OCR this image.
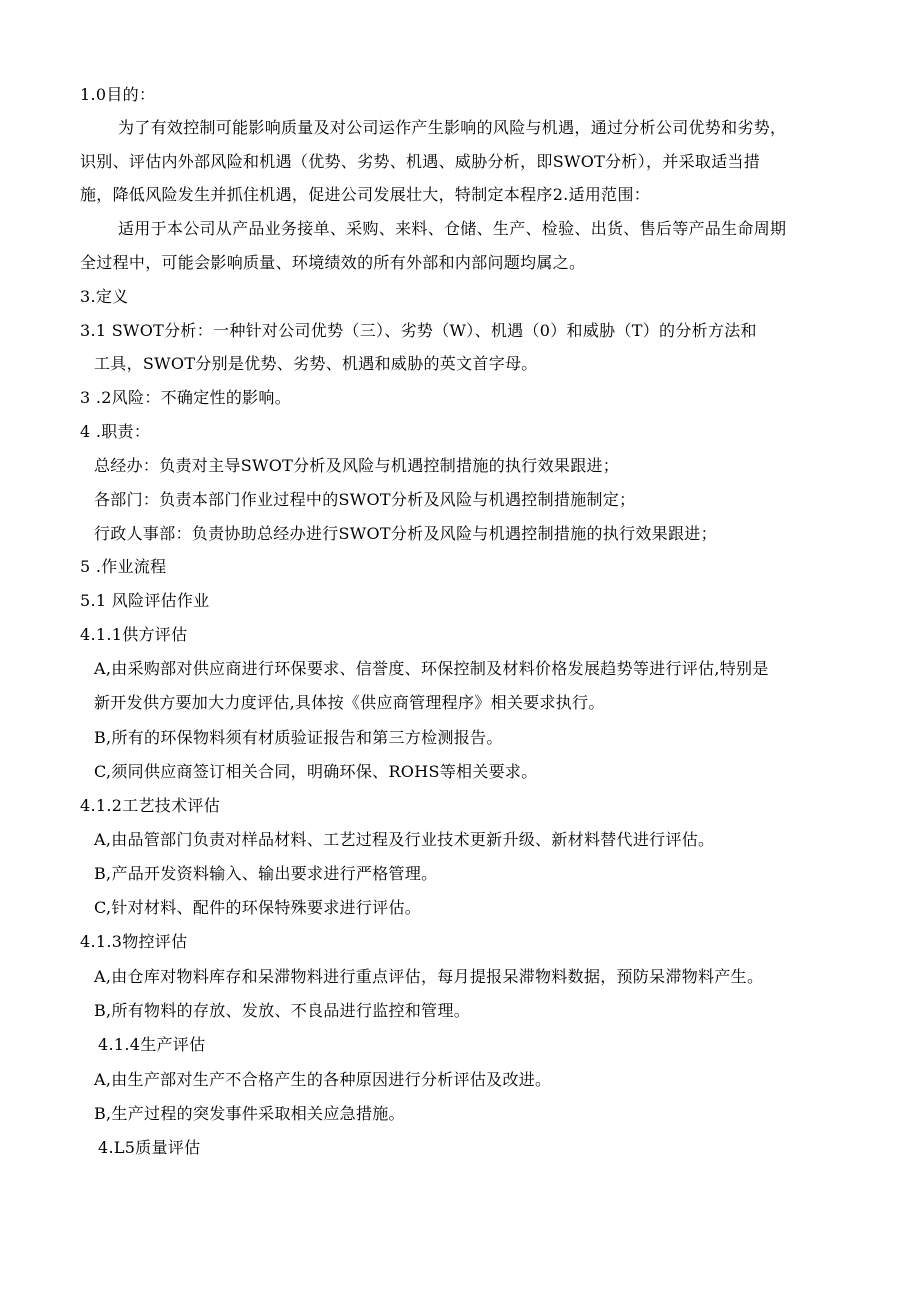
1.0目的：
为了有效控制可能影响质量及对公司运作产生影响的风险与机遇，通过分析公司优势和劣势，
识别、评估内外部风险和机遇（优势、劣势、机遇、威胁分析，即SWOT分析），并采取适当措
施，降低风险发生并抓住机遇，促进公司发展壮大，特制定本程序2.适用范围：
适用于本公司从产品业务接单、采购、来料、仓储、生产、检验、出货、售后等产品生命周期
全过程中，可能会影响质量、环境绩效的所有外部和内部问题均属之。
3.定义
3.1 SWOT分析：一种针对公司优势（三）、劣势（W）、机遇（0）和威胁（T）的分析方法和
工具，SWOT分别是优势、劣势、机遇和威胁的英文首字母。
3 .2风险：不确定性的影响。
4 .职责：
总经办：负责对主导SWOT分析及风险与机遇控制措施的执行效果跟进；
各部门：负责本部门作业过程中的SWOT分析及风险与机遇控制措施制定；
行政人事部：负责协助总经办进行SWOT分析及风险与机遇控制措施的执行效果跟进；
5 .作业流程
5.1 风险评估作业
4.1.1供方评估
A,由采购部对供应商进行环保要求、信誉度、环保控制及材料价格发展趋势等进行评估,特别是
新开发供方要加大力度评估,具体按《供应商管理程序》相关要求执行。
B,所有的环保物料须有材质验证报告和第三方检测报告。
C,须同供应商签订相关合同，明确环保、ROHS等相关要求。
4.1.2工艺技术评估
A,由品管部门负责对样品材料、工艺过程及行业技术更新升级、新材料替代进行评估。
B,产品开发资料输入、输出要求进行严格管理。
C,针对材料、配件的环保特殊要求进行评估。
4.1.3物控评估
A,由仓库对物料库存和呆滞物料进行重点评估，每月提报呆滞物料数据，预防呆滞物料产生。
B,所有物料的存放、发放、不良品进行监控和管理。
4.1.4生产评估
A,由生产部对生产不合格产生的各种原因进行分析评估及改进。
B,生产过程的突发事件采取相关应急措施。
4.L5质量评估
